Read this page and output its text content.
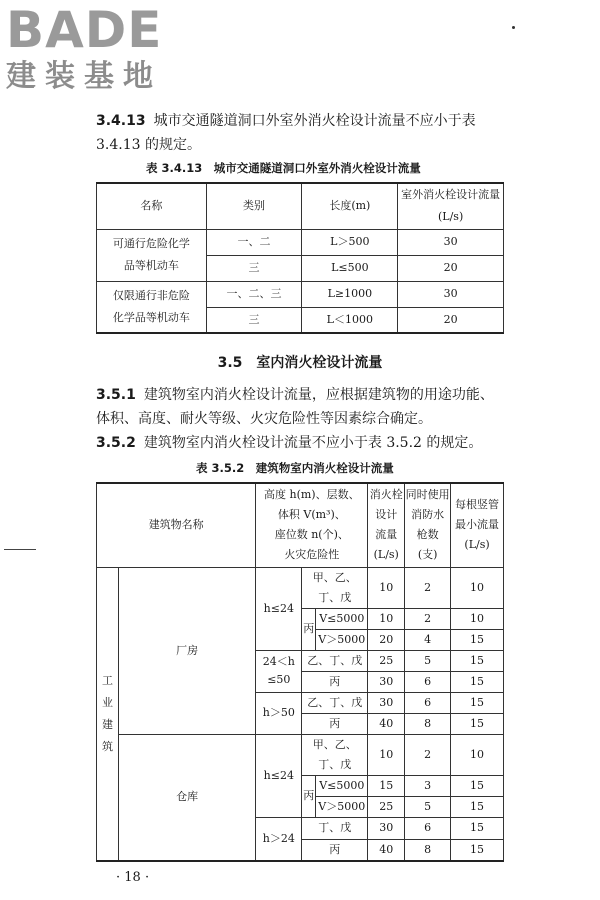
BADE
建装基地
3.4.13 城市交通隧道洞口外室外消火栓设计流量不应小于表
3.4.13 的规定。
表 3.4.13　城市交通隧道洞口外室外消火栓设计流量
名称	类别	长度(m)	室外消火栓设计流量
(L/s)
可通行危险化学
品等机动车	一、二	L＞500	30
	三	L≤500	20
仅限通行非危险
化学品等机动车	一、二、三	L≥1000	30
	三	L＜1000	20
3.5　室内消火栓设计流量
3.5.1 建筑物室内消火栓设计流量，应根据建筑物的用途功能、
体积、高度、耐火等级、火灾危险性等因素综合确定。
3.5.2 建筑物室内消火栓设计流量不应小于表 3.5.2 的规定。
表 3.5.2　建筑物室内消火栓设计流量
建筑物名称		高度 h(m)、层数、
体积 V(m³)、
座位数 n(个)、
火灾危险性			消火栓
设计
流量
(L/s)	同时使用
消防水
枪数
(支)	每根竖管
最小流量
(L/s)
工
业
建
筑	厂房	h≤24	甲、乙、丁、戊		10	2	10
			丙	V≤5000	10	2	10
				V＞5000	20	4	15
		24＜h
≤50	乙、丁、戊		25	5	15
			丙		30	6	15
		h＞50	乙、丁、戊		30	6	15
			丙		40	8	15
	仓库	h≤24	甲、乙、丁、戊		10	2	10
			丙	V≤5000	15	3	15
				V＞5000	25	5	15
		h＞24	丁、戊		30	6	15
			丙		40	8	15
· 18 ·
